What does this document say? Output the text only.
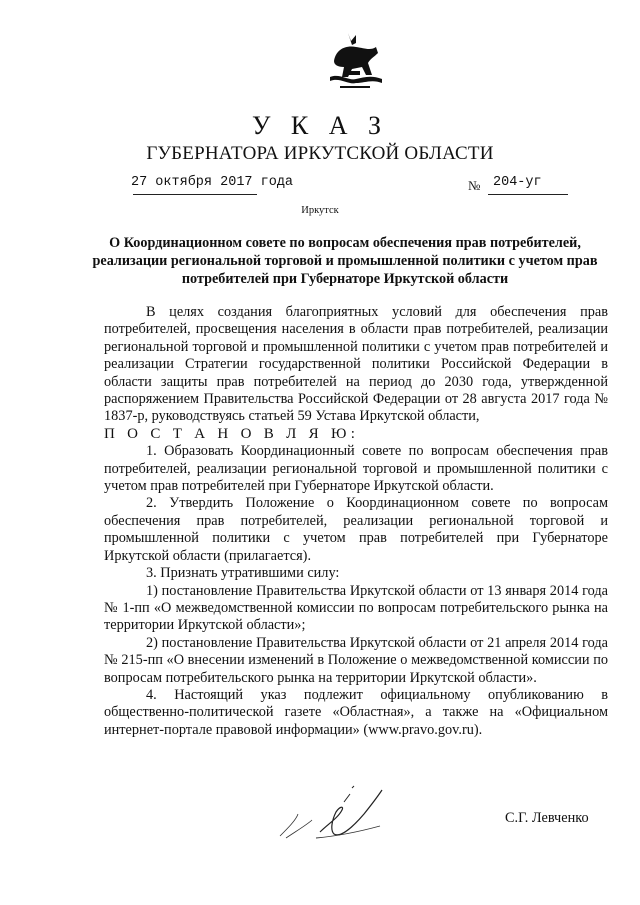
У К А З
ГУБЕРНАТОРА ИРКУТСКОЙ ОБЛАСТИ
27 октября 2017 года	№ 204-уг
Иркутск
О Координационном совете по вопросам обеспечения прав потребителей, реализации региональной торговой и промышленной политики с учетом прав потребителей при Губернаторе Иркутской области

В целях создания благоприятных условий для обеспечения прав потребителей, просвещения населения в области прав потребителей, реализации региональной торговой и промышленной политики с учетом прав потребителей и реализации Стратегии государственной политики Российской Федерации в области защиты прав потребителей на период до 2030 года, утвержденной распоряжением Правительства Российской Федерации от 28 августа 2017 года № 1837-р, руководствуясь статьей 59 Устава Иркутской области,

П О С Т А Н О В Л Я Ю:

1. Образовать Координационный совете по вопросам обеспечения прав потребителей, реализации региональной торговой и промышленной политики с учетом прав потребителей при Губернаторе Иркутской области.

2. Утвердить Положение о Координационном совете по вопросам обеспечения прав потребителей, реализации региональной торговой и промышленной политики с учетом прав потребителей при Губернаторе Иркутской области (прилагается).

3. Признать утратившими силу:

1) постановление Правительства Иркутской области от 13 января 2014 года № 1-пп «О межведомственной комиссии по вопросам потребительского рынка на территории Иркутской области»;

2) постановление Правительства Иркутской области от 21 апреля 2014 года № 215-пп «О внесении изменений в Положение о межведомственной комиссии по вопросам потребительского рынка на территории Иркутской области».

4. Настоящий указ подлежит официальному опубликованию в общественно-политической газете «Областная», а также на «Официальном интернет-портале правовой информации» (www.pravo.gov.ru).

С.Г. Левченко
